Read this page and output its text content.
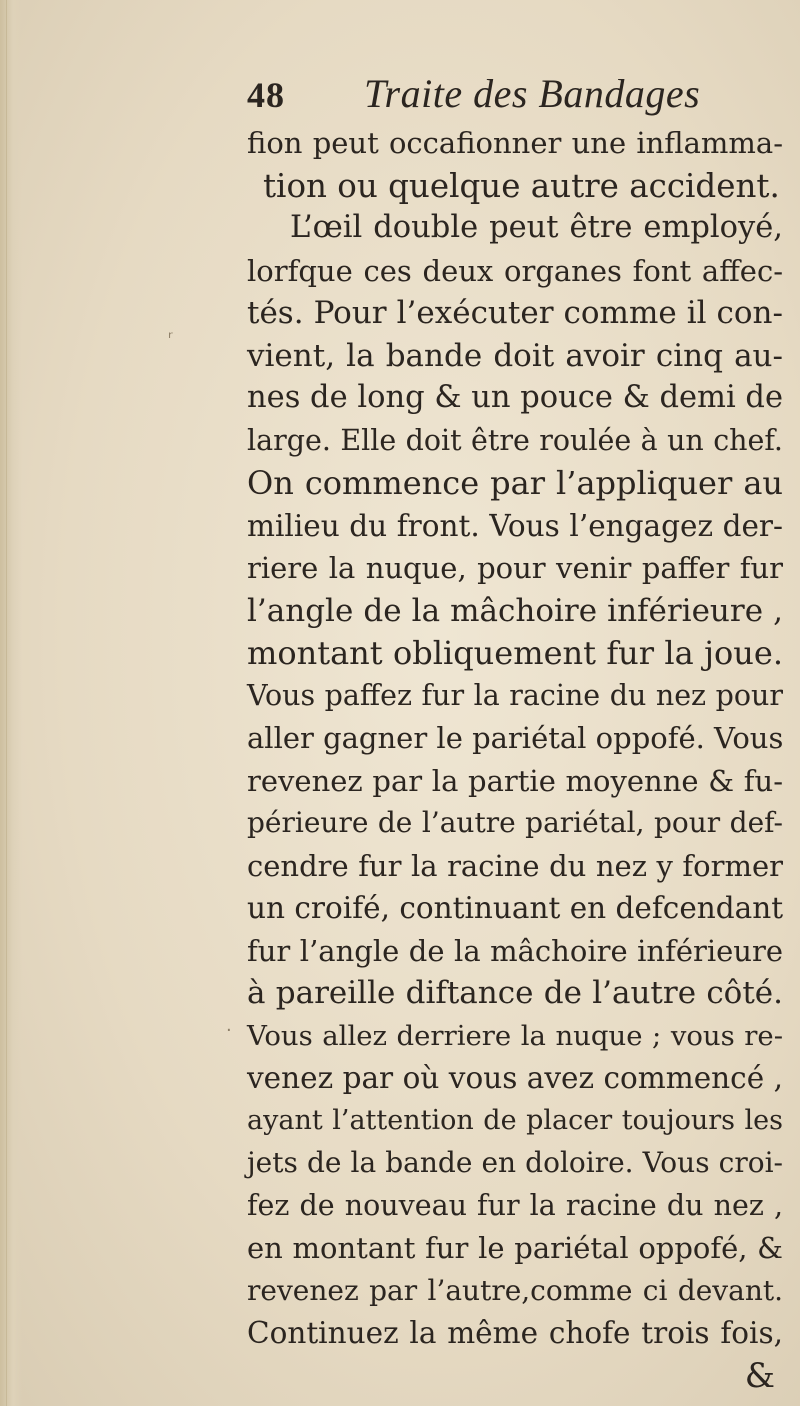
48 Traite des Bandages
fion peut occafionner une inflamma-
tion ou quelque autre accident.
L’œil double peut être employé,
lorfque ces deux organes font affec-
tés. Pour l’exécuter comme il con-
vient, la bande doit avoir cinq au-
nes de long & un pouce & demi de
large. Elle doit être roulée à un chef.
On commence par l’appliquer au
milieu du front. Vous l’engagez der-
riere la nuque, pour venir paffer fur
l’angle de la mâchoire inférieure ,
montant obliquement fur la joue.
Vous paffez fur la racine du nez pour
aller gagner le pariétal oppofé. Vous
revenez par la partie moyenne & fu-
périeure de l’autre pariétal, pour def-
cendre fur la racine du nez y former
un croifé, continuant en defcendant
fur l’angle de la mâchoire inférieure
à pareille diftance de l’autre côté.
Vous allez derriere la nuque ; vous re-
venez par où vous avez commencé ,
ayant l’attention de placer toujours les
jets de la bande en doloire. Vous croi-
fez de nouveau fur la racine du nez ,
en montant fur le pariétal oppofé, &
revenez par l’autre,comme ci devant.
Continuez la même chofe trois fois,
&
ʳ
·
